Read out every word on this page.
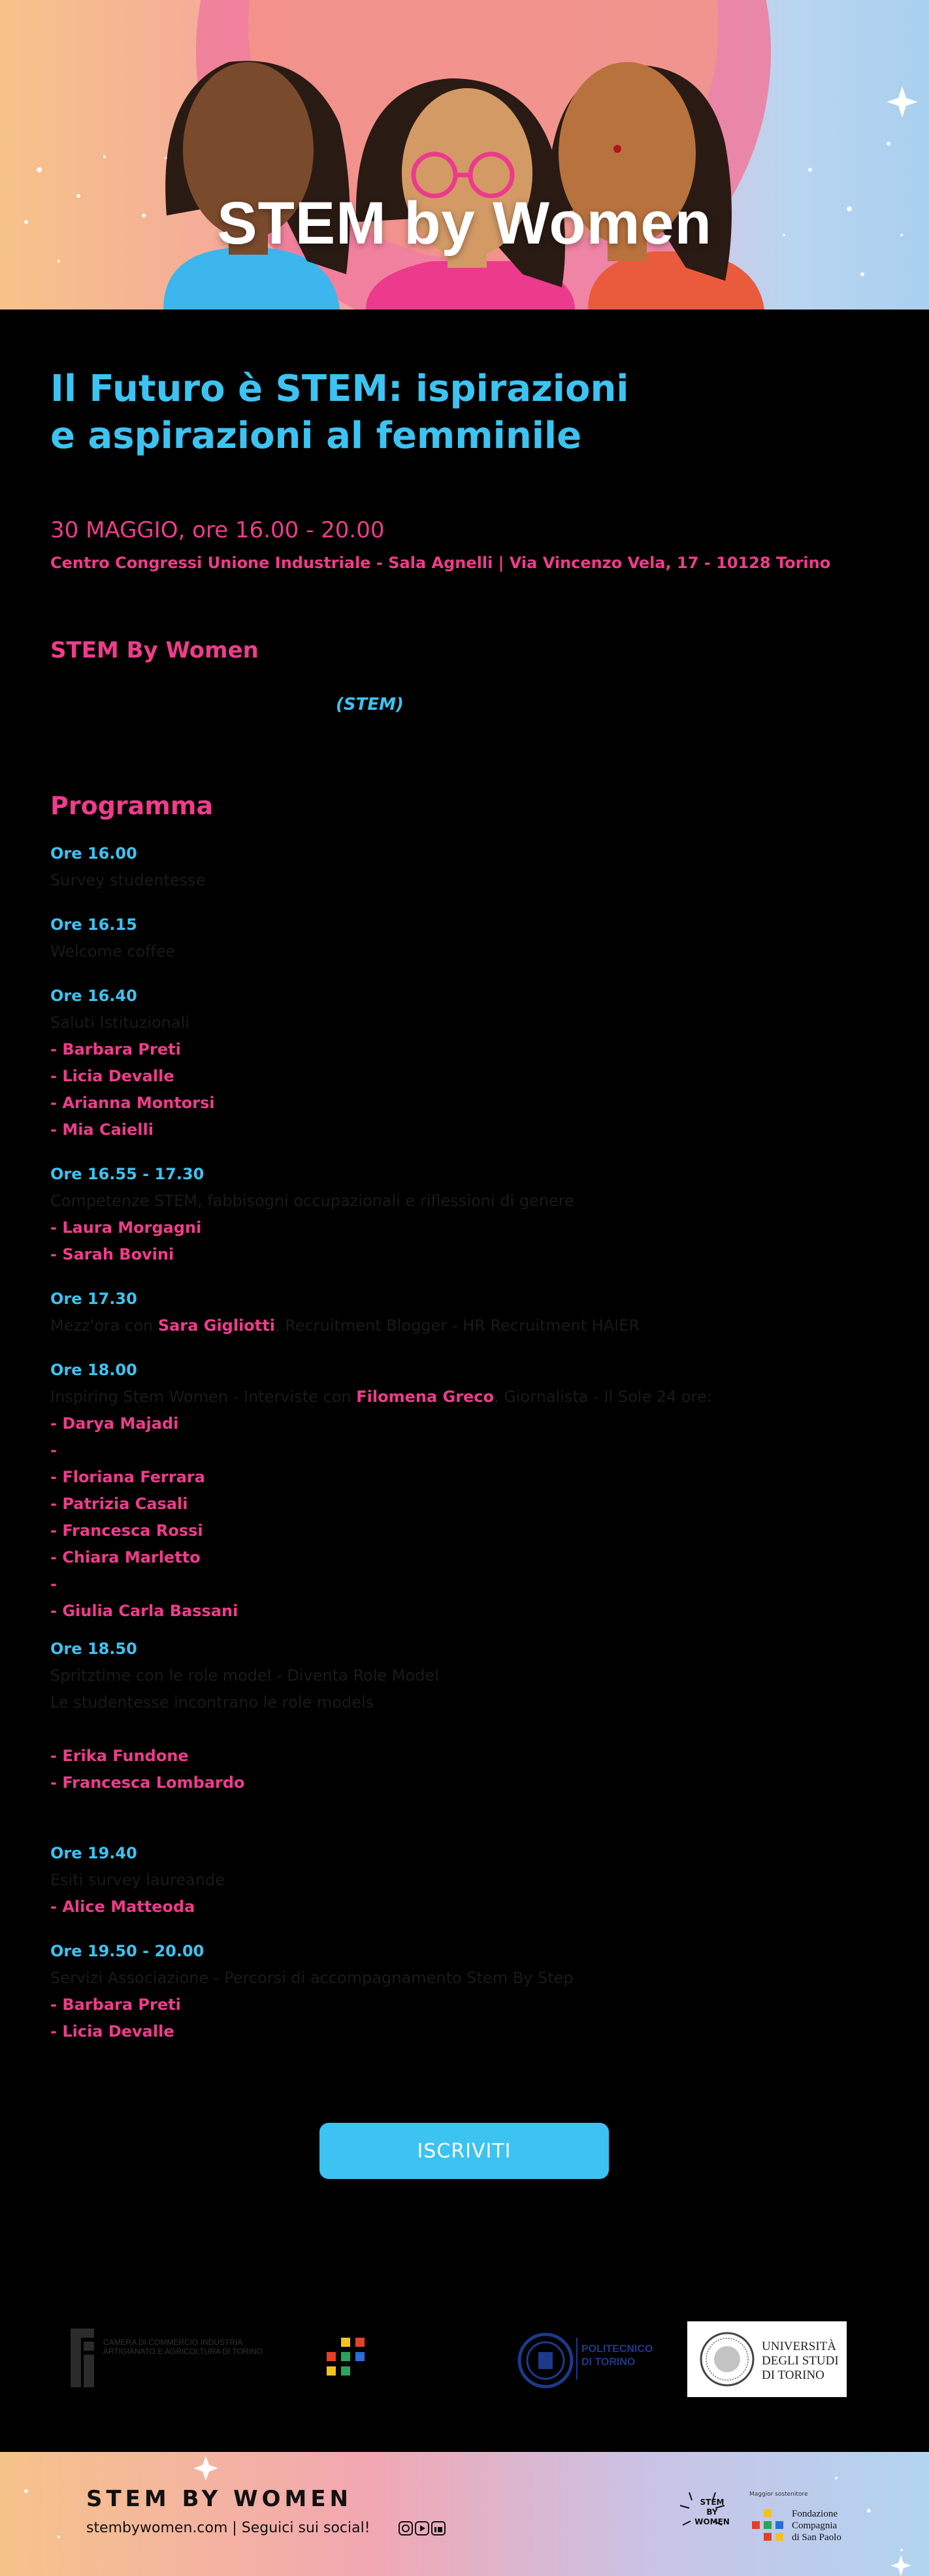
STEM by Women
Il Futuro è STEM: ispirazioni
e aspirazioni al femminile
30 MAGGIO, ore 16.00 - 20.00
Centro Congressi Unione Industriale - Sala Agnelli | Via Vincenzo Vela, 17 - 10128 Torino
STEM By Women
(STEM)
Programma
Ore 16.00
Survey studentesse
Ore 16.15
Welcome coffee
Ore 16.40
Saluti Istituzionali
- Barbara Preti
- Licia Devalle
- Arianna Montorsi
- Mia Caielli
Ore 16.55 - 17.30
Competenze STEM, fabbisogni occupazionali e riflessioni di genere
- Laura Morgagni
- Sarah Bovini
Ore 17.30
Mezz'ora con Sara Gigliotti, Recruitment Blogger - HR Recruitment HAIER
Ore 18.00
Inspiring Stem Women - Interviste con Filomena Greco, Giornalista - Il Sole 24 ore:
- Darya Majadi
-
- Floriana Ferrara
- Patrizia Casali
- Francesca Rossi
- Chiara Marletto
-
- Giulia Carla Bassani
Ore 18.50
Spritztime con le role model - Diventa Role Model
Le studentesse incontrano le role models
- Erika Fundone
- Francesca Lombardo
Ore 19.40
Esiti survey laureande
- Alice Matteoda
Ore 19.50 - 20.00
Servizi Associazione - Percorsi di accompagnamento Stem By Step
- Barbara Preti
- Licia Devalle
ISCRIVITI
CAMERA DI COMMERCIO INDUSTRIA ARTIGIANATO E AGRICOLTURA DI TORINO	POLITECNICO DI TORINO
UNIVERSITÀ
DEGLI STUDI
DI TORINO
STEM BY WOMEN
stembywomen.com | Seguici sui social!
STEM
BY
WOMEN
Maggior sostenitore
Fondazione
Compagnia
di San Paolo
